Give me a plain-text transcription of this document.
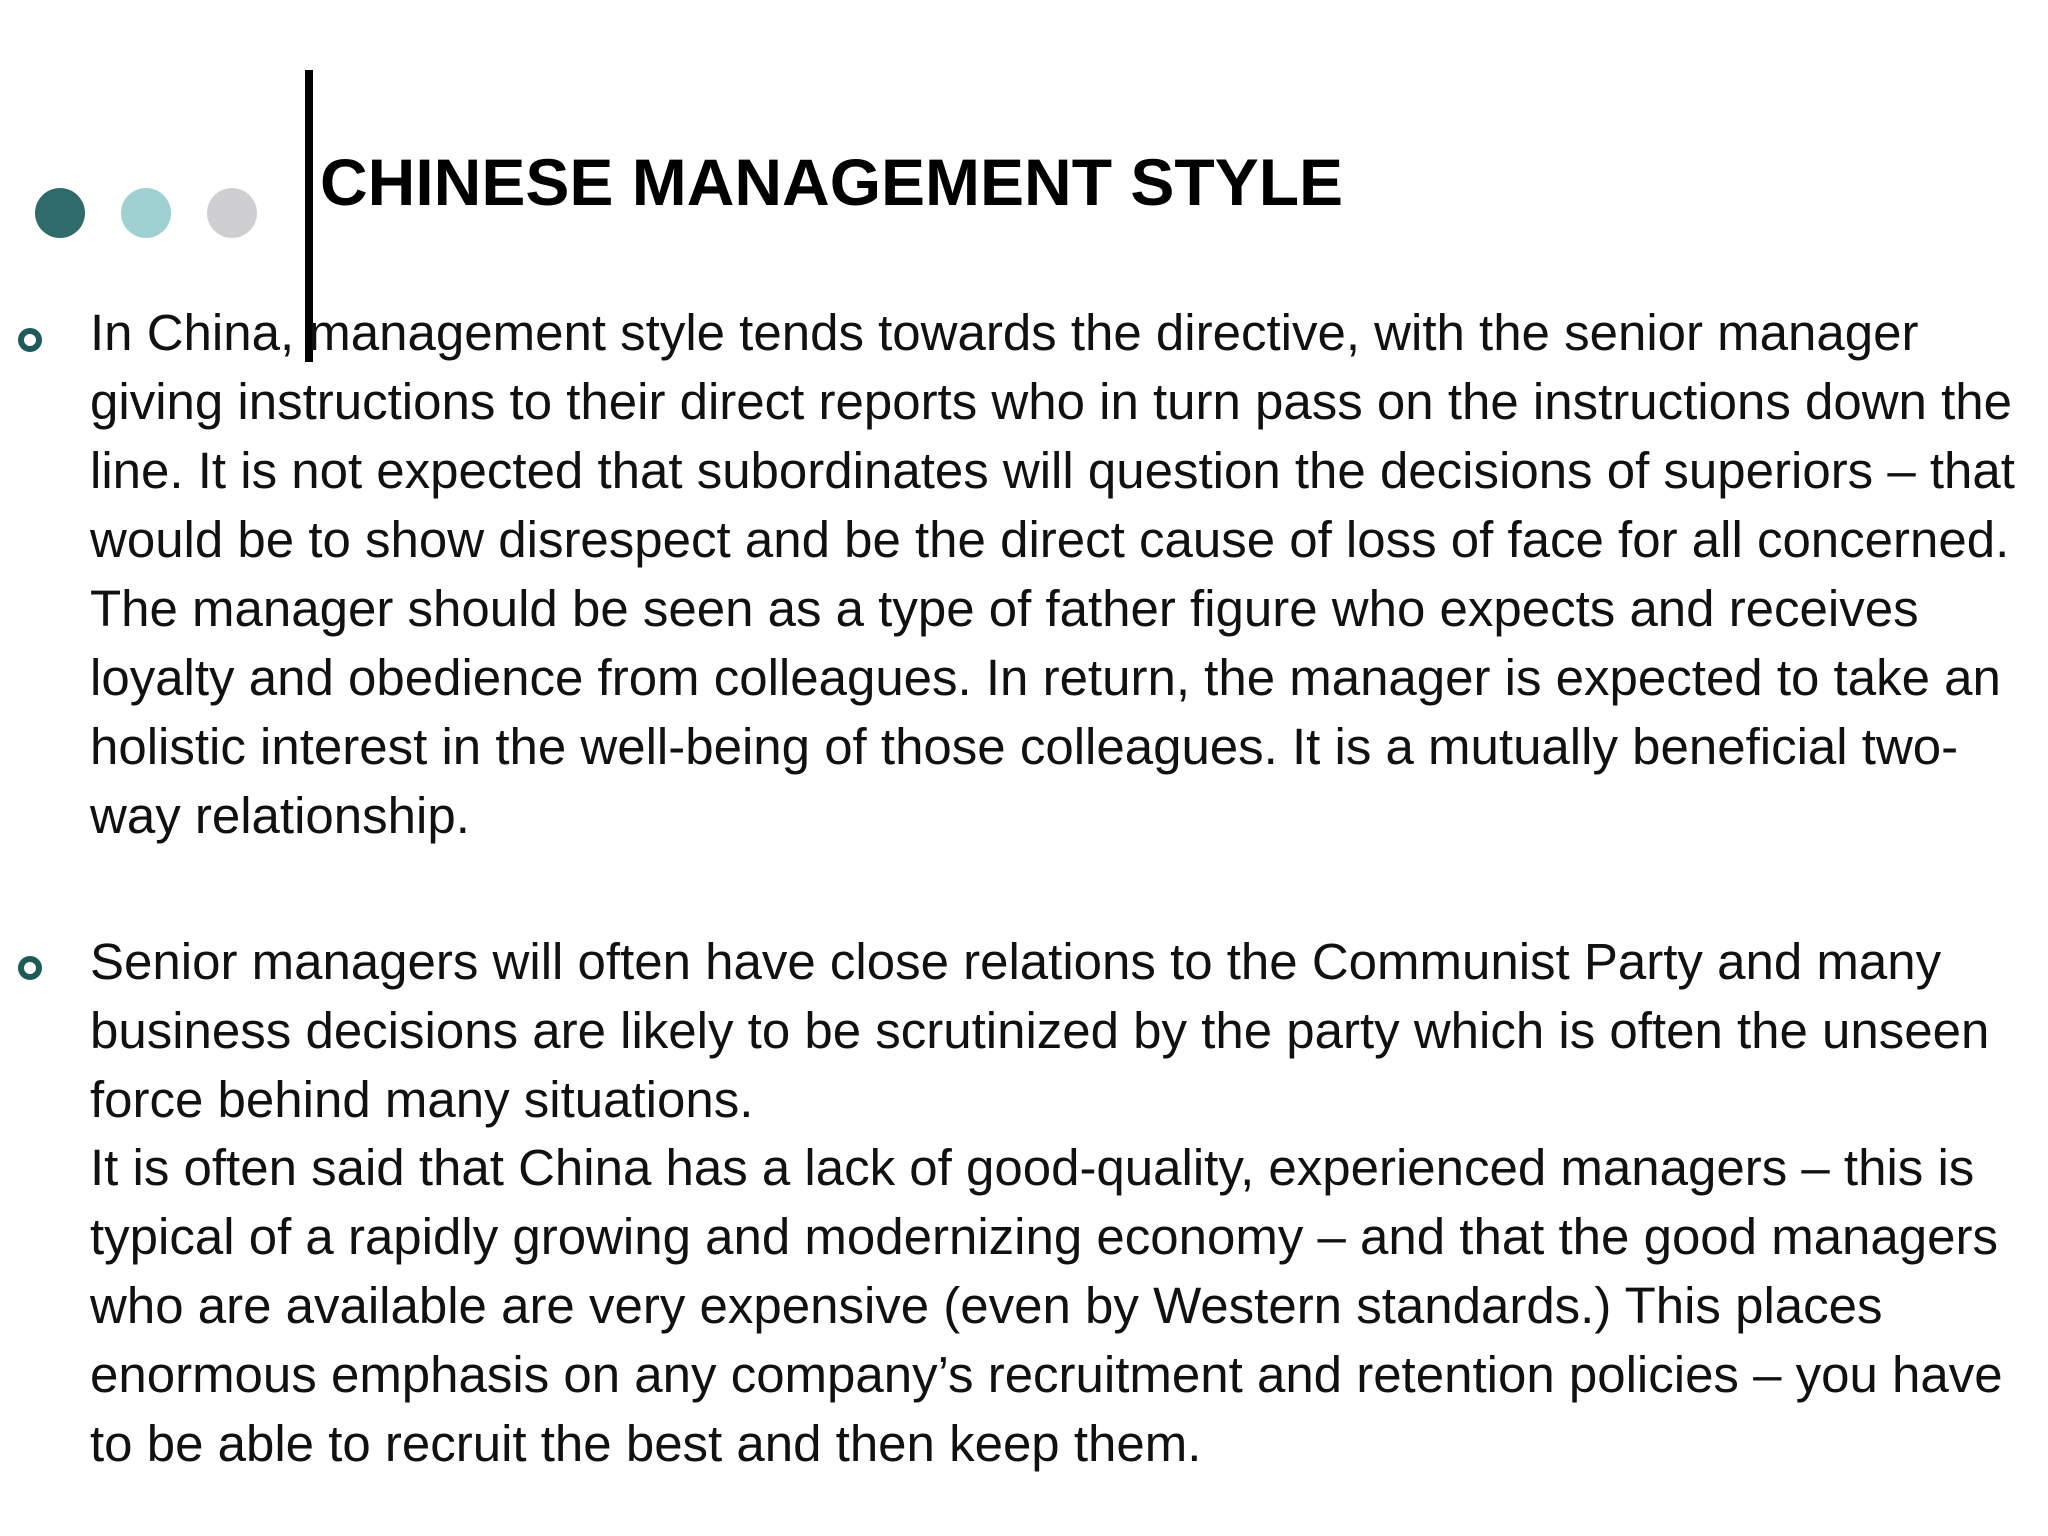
CHINESE MANAGEMENT STYLE

In China, management style tends towards the directive, with the senior manager giving instructions to their direct reports who in turn pass on the instructions down the line. It is not expected that subordinates will question the decisions of superiors – that would be to show disrespect and be the direct cause of loss of face for all concerned. The manager should be seen as a type of father figure who expects and receives loyalty and obedience from colleagues. In return, the manager is expected to take an holistic interest in the well-being of those colleagues. It is a mutually beneficial two-way relationship.

Senior managers will often have close relations to the Communist Party and many business decisions are likely to be scrutinized by the party which is often the unseen force behind many situations.

It is often said that China has a lack of good-quality, experienced managers – this is typical of a rapidly growing and modernizing economy – and that the good managers who are available are very expensive (even by Western standards.) This places enormous emphasis on any company’s recruitment and retention policies – you have to be able to recruit the best and then keep them.
